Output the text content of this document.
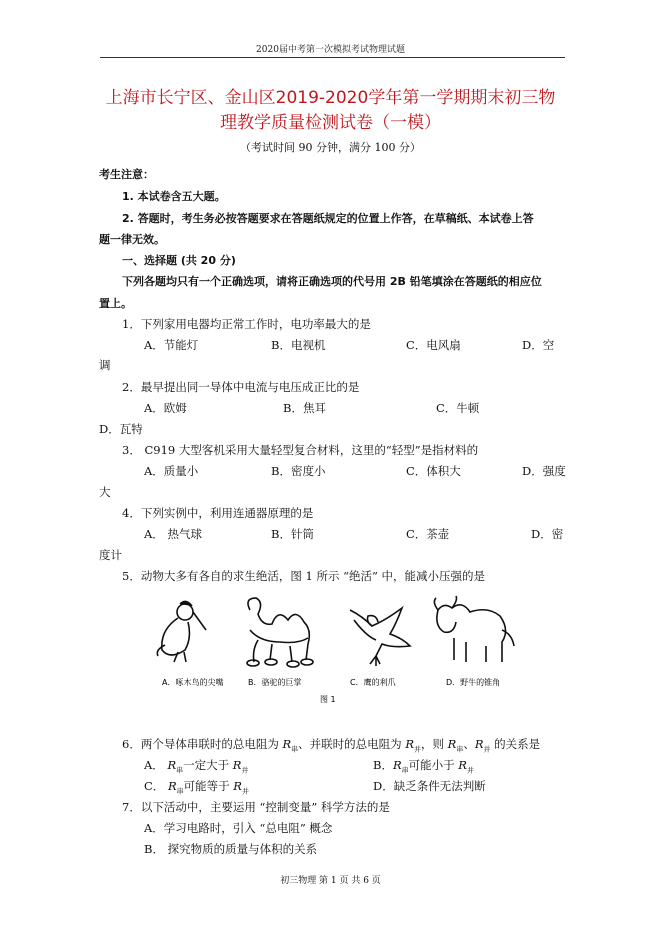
2020届中考第一次模拟考试物理试题
上海市长宁区、金山区2019-2020学年第一学期期末初三物
理教学质量检测试卷（一模）
（考试时间 90 分钟，满分 100 分）
考生注意：
1. 本试卷含五大题。
2. 答题时，考生务必按答题要求在答题纸规定的位置上作答，在草稿纸、本试卷上答
题一律无效。
一、选择题 (共 20 分)
下列各题均只有一个正确选项，请将正确选项的代号用 2B 铅笔填涂在答题纸的相应位
置上。
1．下列家用电器均正常工作时，电功率最大的是
A．节能灯	B．电视机	C．电风扇	D．空
调
2．最早提出同一导体中电流与电压成正比的是
A．欧姆	B．焦耳	C．牛顿
D．瓦特
3． C919 大型客机采用大量轻型复合材料，这里的“轻型”是指材料的
A．质量小	B．密度小	C．体积大	D．强度
大
4．下列实例中，利用连通器原理的是
A． 热气球	B．针筒	C．茶壶	D．密
度计
5．动物大多有各自的求生绝活，图 1 所示 “绝活” 中，能减小压强的是
A．啄木鸟的尖嘴	B．骆驼的巨掌	C．鹰的利爪	D．野牛的锥角
图 1
6．两个导体串联时的总电阻为 $R_串$、并联时的总电阻为 $R_并$，则 $R_串$、$R_并$ 的关系是
A． $R_串$一定大于 $R_并$	B．$R_串$可能小于 $R_并$
C． $R_串$可能等于 $R_并$	D．缺乏条件无法判断
7．以下活动中，主要运用 “控制变量” 科学方法的是
A．学习电路时，引入 “总电阻” 概念
B． 探究物质的质量与体积的关系
初三物理 第 1 页 共 6 页
